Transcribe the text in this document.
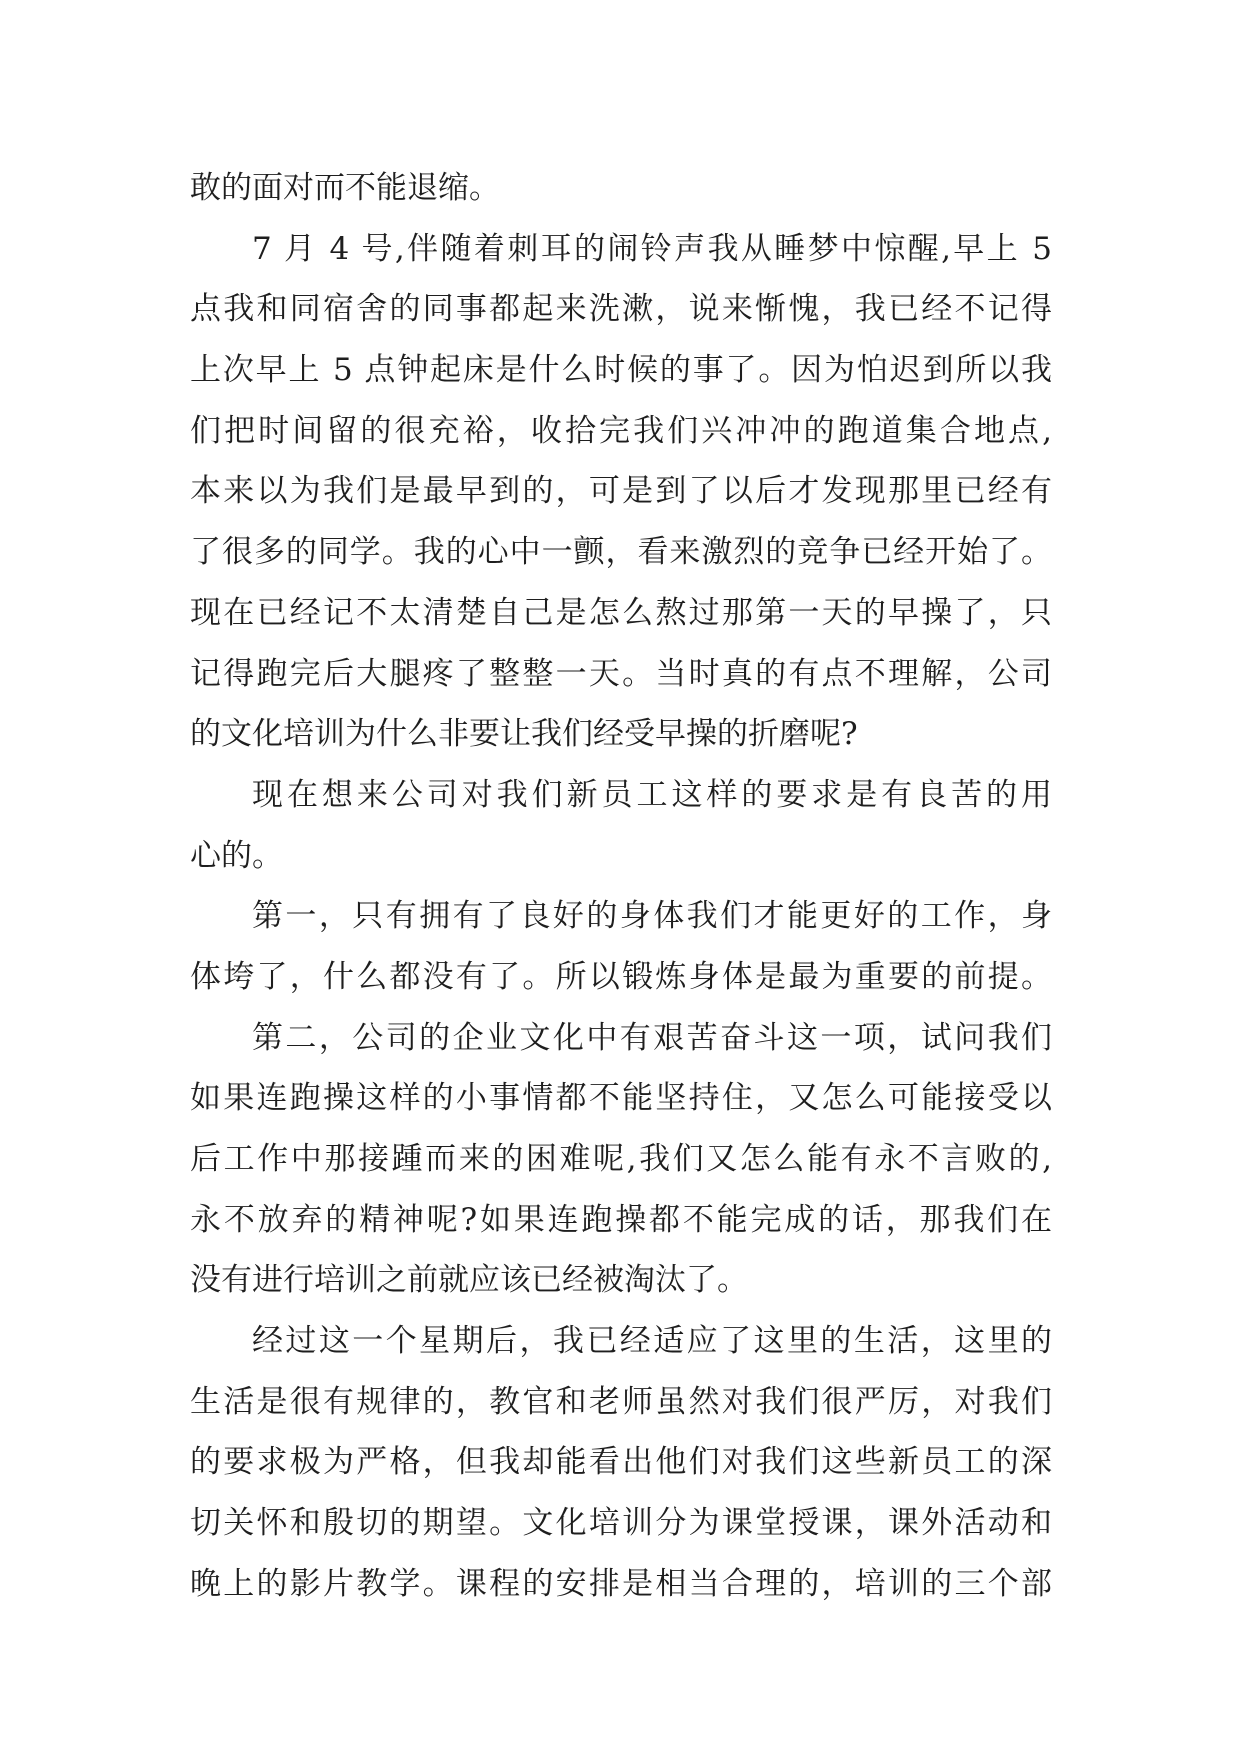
敢的面对而不能退缩。
7 月 4 号,伴随着刺耳的闹铃声我从睡梦中惊醒,早上 5
点我和同宿舍的同事都起来洗漱，说来惭愧，我已经不记得
上次早上 5 点钟起床是什么时候的事了。因为怕迟到所以我
们把时间留的很充裕，收拾完我们兴冲冲的跑道集合地点,
本来以为我们是最早到的，可是到了以后才发现那里已经有
了很多的同学。我的心中一颤，看来激烈的竞争已经开始了。
现在已经记不太清楚自己是怎么熬过那第一天的早操了，只
记得跑完后大腿疼了整整一天。当时真的有点不理解，公司
的文化培训为什么非要让我们经受早操的折磨呢?
现在想来公司对我们新员工这样的要求是有良苦的用
心的。
第一，只有拥有了良好的身体我们才能更好的工作，身
体垮了，什么都没有了。所以锻炼身体是最为重要的前提。
第二，公司的企业文化中有艰苦奋斗这一项，试问我们
如果连跑操这样的小事情都不能坚持住，又怎么可能接受以
后工作中那接踵而来的困难呢,我们又怎么能有永不言败的,
永不放弃的精神呢?如果连跑操都不能完成的话，那我们在
没有进行培训之前就应该已经被淘汰了。
经过这一个星期后，我已经适应了这里的生活，这里的
生活是很有规律的，教官和老师虽然对我们很严厉，对我们
的要求极为严格，但我却能看出他们对我们这些新员工的深
切关怀和殷切的期望。文化培训分为课堂授课，课外活动和
晚上的影片教学。课程的安排是相当合理的，培训的三个部
